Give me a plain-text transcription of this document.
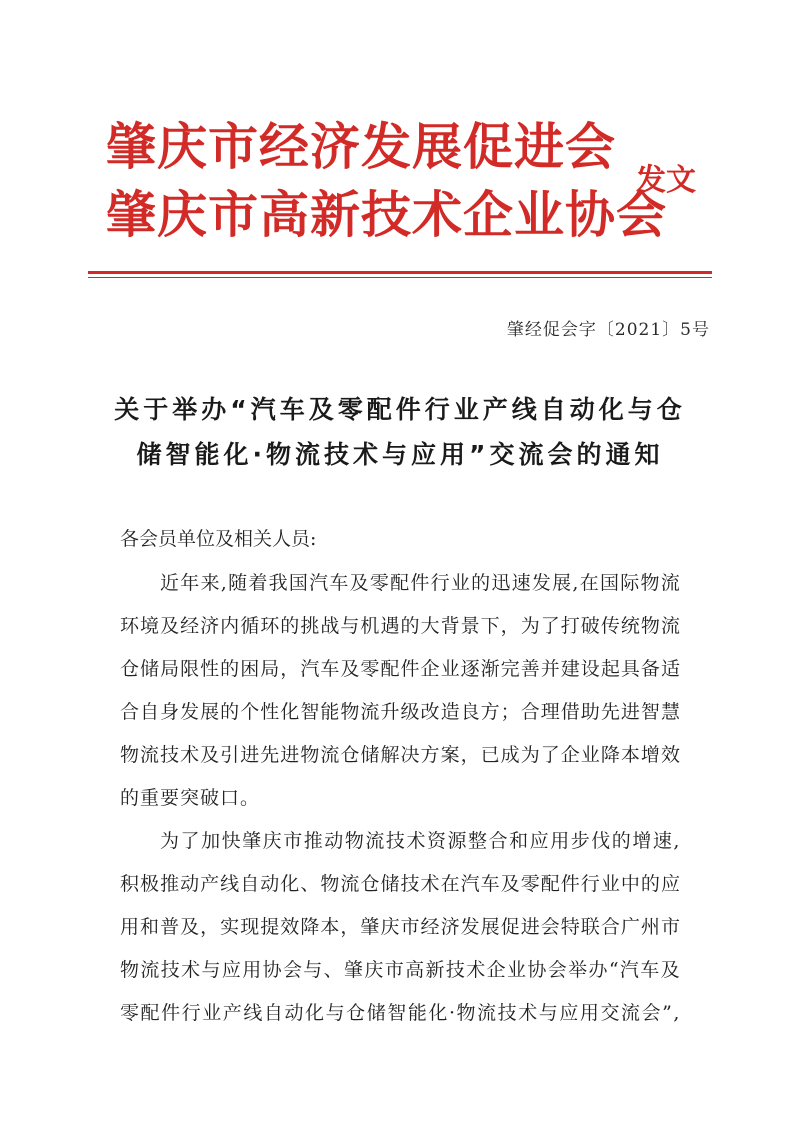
肇庆市经济发展促进会
肇庆市高新技术企业协会
发文
肇经促会字〔2021〕5号
关于举办“汽车及零配件行业产线自动化与仓
储智能化·物流技术与应用”交流会的通知
各会员单位及相关人员:
近年来,随着我国汽车及零配件行业的迅速发展,在国际物流
环境及经济内循环的挑战与机遇的大背景下，为了打破传统物流
仓储局限性的困局，汽车及零配件企业逐渐完善并建设起具备适
合自身发展的个性化智能物流升级改造良方；合理借助先进智慧
物流技术及引进先进物流仓储解决方案，已成为了企业降本增效
的重要突破口。
为了加快肇庆市推动物流技术资源整合和应用步伐的增速,
积极推动产线自动化、物流仓储技术在汽车及零配件行业中的应
用和普及，实现提效降本，肇庆市经济发展促进会特联合广州市
物流技术与应用协会与、肇庆市高新技术企业协会举办“汽车及
零配件行业产线自动化与仓储智能化·物流技术与应用交流会”,
